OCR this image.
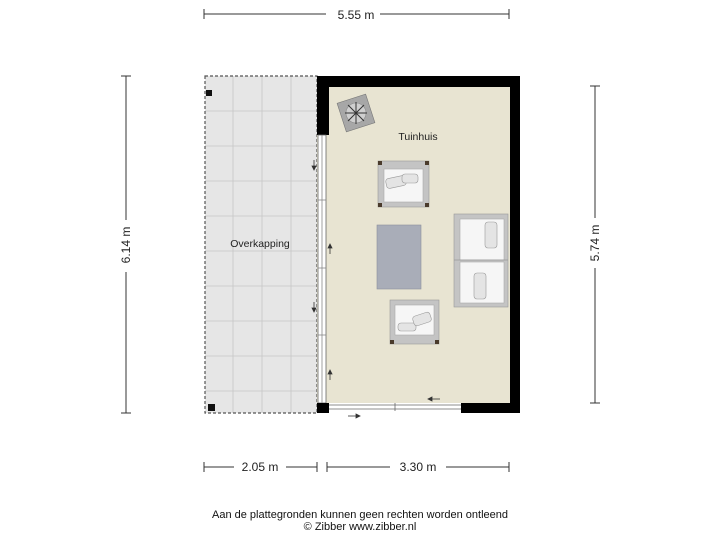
5.55 m
6.14 m	5.74 m
2.05 m	3.30 m
Overkapping
Tuinhuis
Aan de plattegronden kunnen geen rechten worden ontleend
© Zibber www.zibber.nl
